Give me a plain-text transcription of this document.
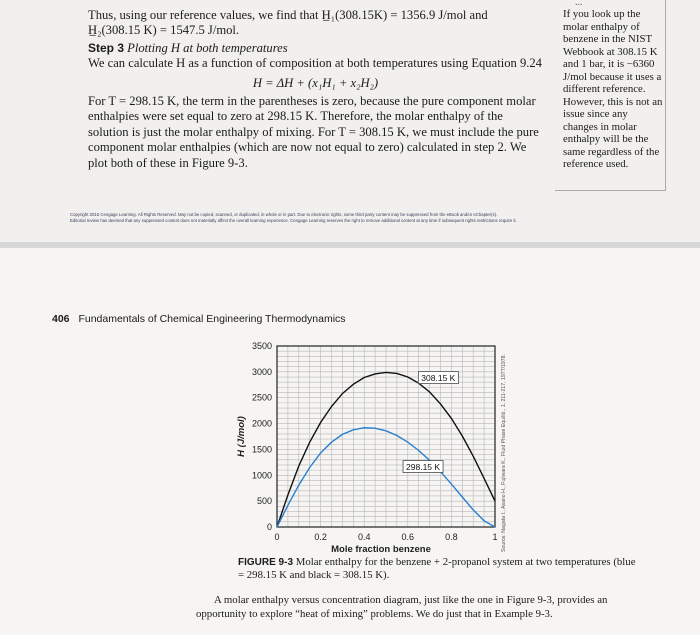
Thus, using our reference values, we find that H̲₁(308.15K) = 1356.9 J/mol and H̲₂(308.15 K) = 1547.5 J/mol.

Step 3 Plotting H at both temperatures

We can calculate H as a function of composition at both temperatures using Equation 9.24

H = ΔH + (x₁H₁ + x₂H₂)

For T = 298.15 K, the term in the parentheses is zero, because the pure component molar enthalpies were set equal to zero at 298.15 K. Therefore, the molar enthalpy of the solution is just the molar enthalpy of mixing. For T = 308.15 K, we must include the pure component molar enthalpies (which are now not equal to zero) calculated in step 2. We plot both of these in Figure 9-3.

...
If you look up the molar enthalpy of benzene in the NIST Webbook at 308.15 K and 1 bar, it is −6360 J/mol because it uses a different reference. However, this is not an issue since any changes in molar enthalpy will be the same regardless of the reference used.
Copyright 2015 Cengage Learning. All Rights Reserved. May not be copied, scanned, or duplicated, in whole or in part. Due to electronic rights, some third party content may be suppressed from the eBook and/or eChapter(s).
Editorial review has deemed that any suppressed content does not materially affect the overall learning experience. Cengage Learning reserves the right to remove additional content at any time if subsequent rights restrictions require it.
406 Fundamentals of Chemical Engineering Thermodynamics
0
500
1000
1500
2000
2500
3000
3500
0	0.2	0.4	0.6	0.8	1
Mole fraction benzene
H (J/mol)
308.15 K
298.15 K	Source: Nagata I., Asano H., Fujiwara K., Fluid Phase Equilib., 1, 211-217, 1977/1978.
FIGURE 9-3 Molar enthalpy for the benzene + 2-propanol system at two temperatures (blue = 298.15 K and black = 308.15 K).
A molar enthalpy versus concentration diagram, just like the one in Figure 9-3, provides an opportunity to explore “heat of mixing” problems. We do just that in Example 9-3.
